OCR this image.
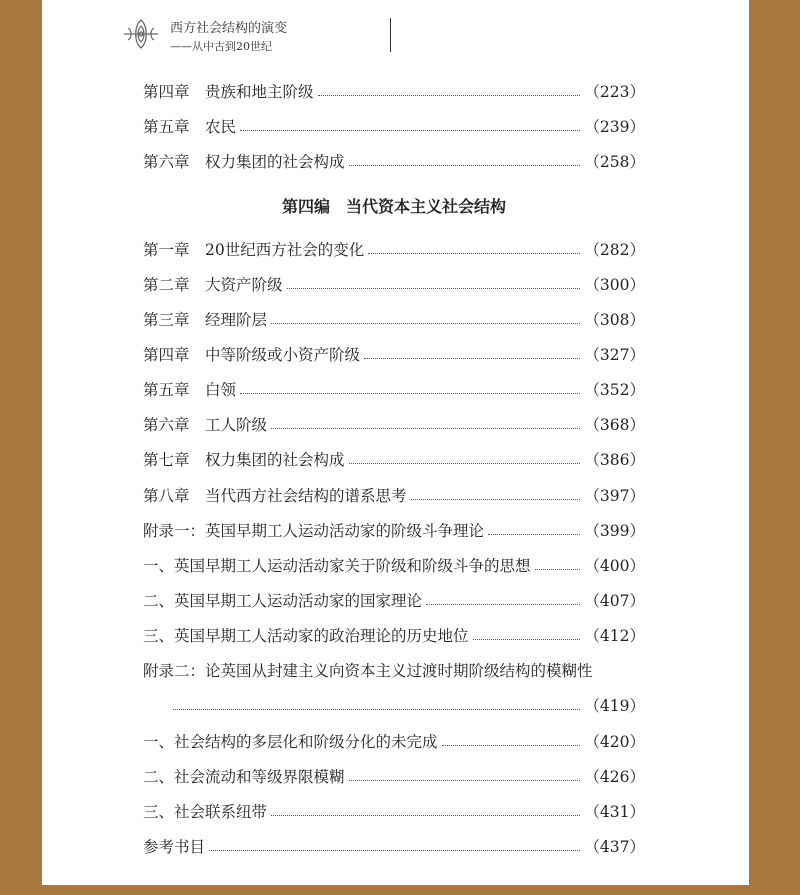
西方社会结构的演变
——从中古到20世纪
第四章　贵族和地主阶级	（223）
第五章　农民	（239）
第六章　权力集团的社会构成	（258）
第四编　当代资本主义社会结构
第一章　20世纪西方社会的变化	（282）
第二章　大资产阶级	（300）
第三章　经理阶层	（308）
第四章　中等阶级或小资产阶级	（327）
第五章　白领	（352）
第六章　工人阶级	（368）
第七章　权力集团的社会构成	（386）
第八章　当代西方社会结构的谱系思考	（397）
附录一：英国早期工人运动活动家的阶级斗争理论	（399）
一、英国早期工人运动活动家关于阶级和阶级斗争的思想	（400）
二、英国早期工人运动活动家的国家理论	（407）
三、英国早期工人活动家的政治理论的历史地位	（412）
附录二：论英国从封建主义向资本主义过渡时期阶级结构的模糊性
（419）
一、社会结构的多层化和阶级分化的未完成	（420）
二、社会流动和等级界限模糊	（426）
三、社会联系纽带	（431）
参考书目	（437）
